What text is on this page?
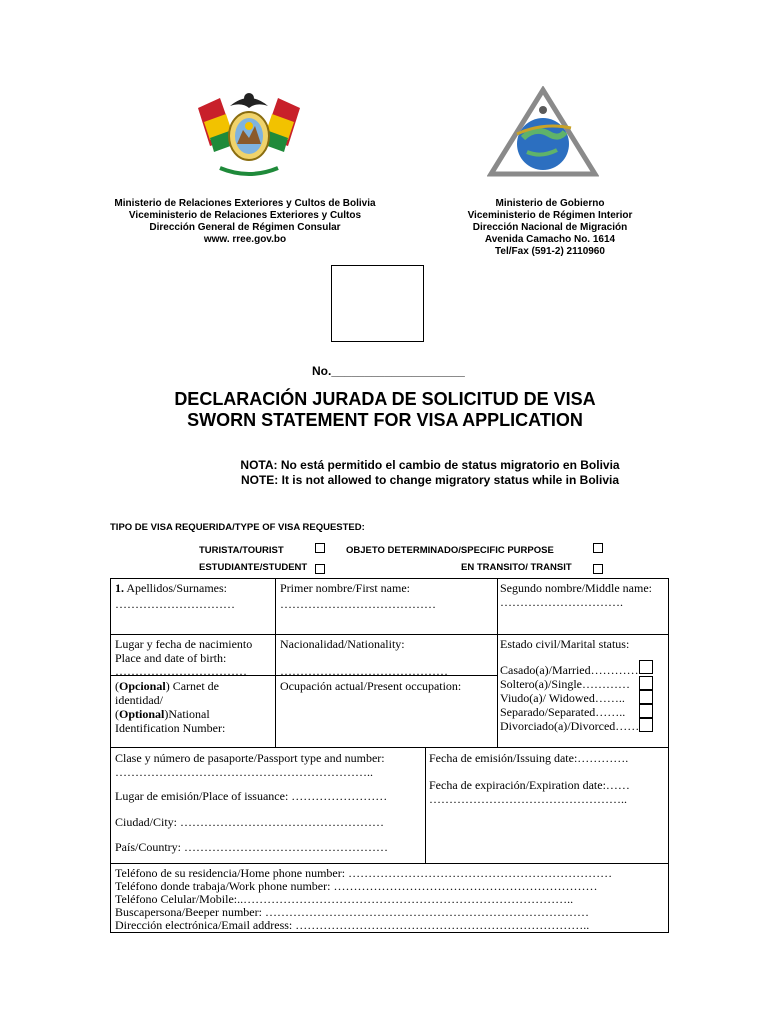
Ministerio de Relaciones Exteriores y Cultos de Bolivia
Viceministerio de Relaciones Exteriores y Cultos
Dirección General de Régimen Consular
www. rree.gov.bo
Ministerio de Gobierno
Viceministerio de Régimen Interior
Dirección Nacional de Migración
Avenida Camacho No. 1614
Tel/Fax (591-2) 2110960
No.____________________
DECLARACIÓN JURADA DE SOLICITUD DE VISA
SWORN STATEMENT FOR VISA APPLICATION
NOTA: No está permitido el cambio de status migratorio en Bolivia
NOTE: It is not allowed to change migratory status while in Bolivia
TIPO DE VISA REQUERIDA/TYPE OF VISA REQUESTED:
TURISTA/TOURIST	OBJETO DETERMINADO/SPECIFIC PURPOSE
ESTUDIANTE/STUDENT	EN TRANSITO/ TRANSIT
1. Apellidos/Surnames:
…………………………
Primer nombre/First name:
…………………………………
Segundo nombre/Middle name:
………………………….
Lugar y fecha de nacimiento
Place and date of birth:
……………………………
Nacionalidad/Nationality:
……………………………………
Estado civil/Marital status:
Casado(a)/Married…………
Soltero(a)/Single…………
Viudo(a)/ Widowed……..
Separado/Separated……..
Divorciado(a)/Divorced……
(Opcional) Carnet de
identidad/
(Optional)National
Identification Number:
Ocupación actual/Present occupation:
Clase y número de pasaporte/Passport type and number:
………………………………………………………..
Lugar de emisión/Place of issuance: ……………………
Ciudad/City: ……………………………………………
País/Country: ……………………………………………
Fecha de emisión/Issuing date:………….
Fecha de expiración/Expiration date:……
…………………………………………..
Teléfono de su residencia/Home phone number: …………………………………………………………
Teléfono donde trabaja/Work phone number: …………………………………………………………
Teléfono Celular/Mobile:..………………………………………………………………………..
Buscapersona/Beeper number: ………………………………………………………………………
Dirección electrónica/Email address: ………………………………………………………………..
